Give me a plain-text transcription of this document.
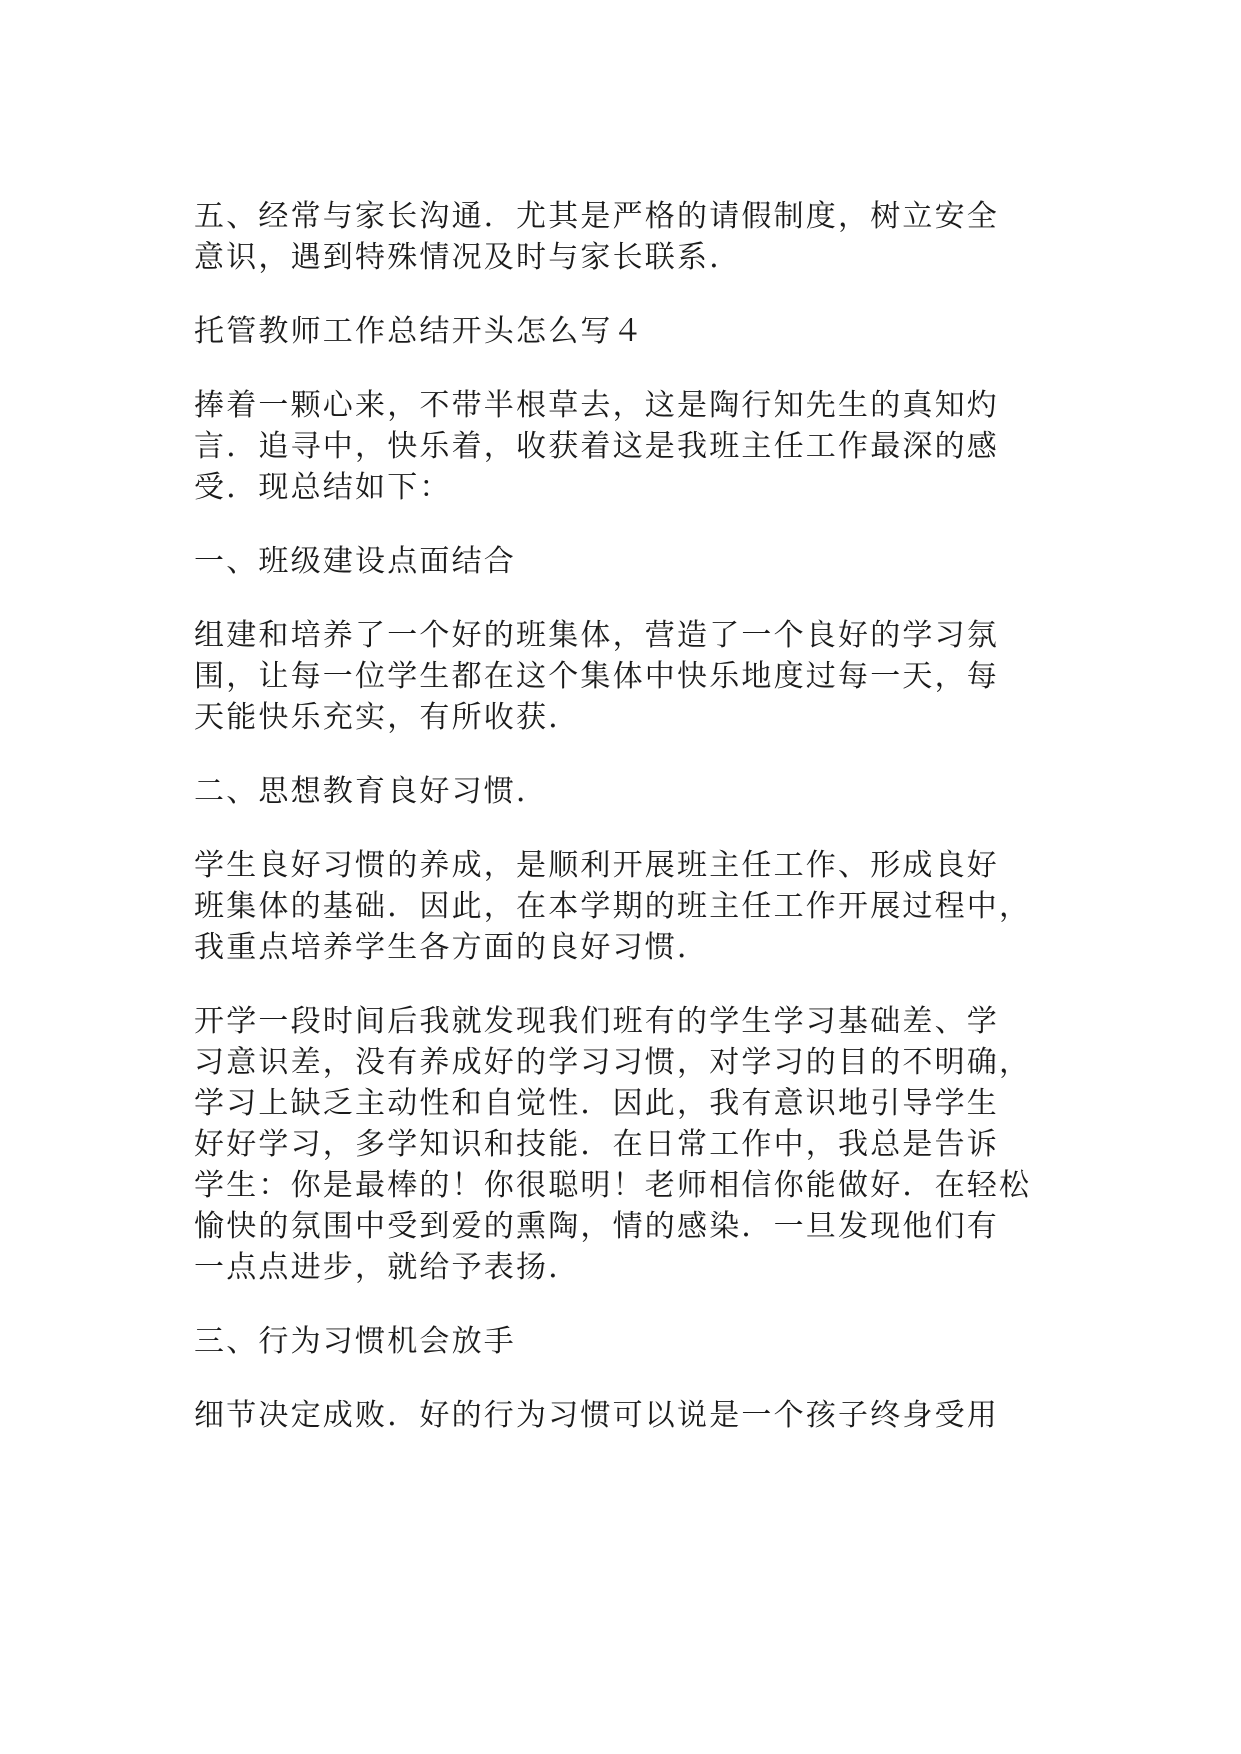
五、经常与家长沟通．尤其是严格的请假制度，树立安全
意识，遇到特殊情况及时与家长联系．
托管教师工作总结开头怎么写４
捧着一颗心来，不带半根草去，这是陶行知先生的真知灼
言．追寻中，快乐着，收获着这是我班主任工作最深的感
受．现总结如下：
一、班级建设点面结合
组建和培养了一个好的班集体，营造了一个良好的学习氛
围，让每一位学生都在这个集体中快乐地度过每一天，每
天能快乐充实，有所收获．
二、思想教育良好习惯．
学生良好习惯的养成，是顺利开展班主任工作、形成良好
班集体的基础．因此，在本学期的班主任工作开展过程中，
我重点培养学生各方面的良好习惯．
开学一段时间后我就发现我们班有的学生学习基础差、学
习意识差，没有养成好的学习习惯，对学习的目的不明确，
学习上缺乏主动性和自觉性．因此，我有意识地引导学生
好好学习，多学知识和技能．在日常工作中，我总是告诉
学生：你是最棒的！你很聪明！老师相信你能做好．在轻松
愉快的氛围中受到爱的熏陶，情的感染．一旦发现他们有
一点点进步，就给予表扬．
三、行为习惯机会放手
细节决定成败．好的行为习惯可以说是一个孩子终身受用
